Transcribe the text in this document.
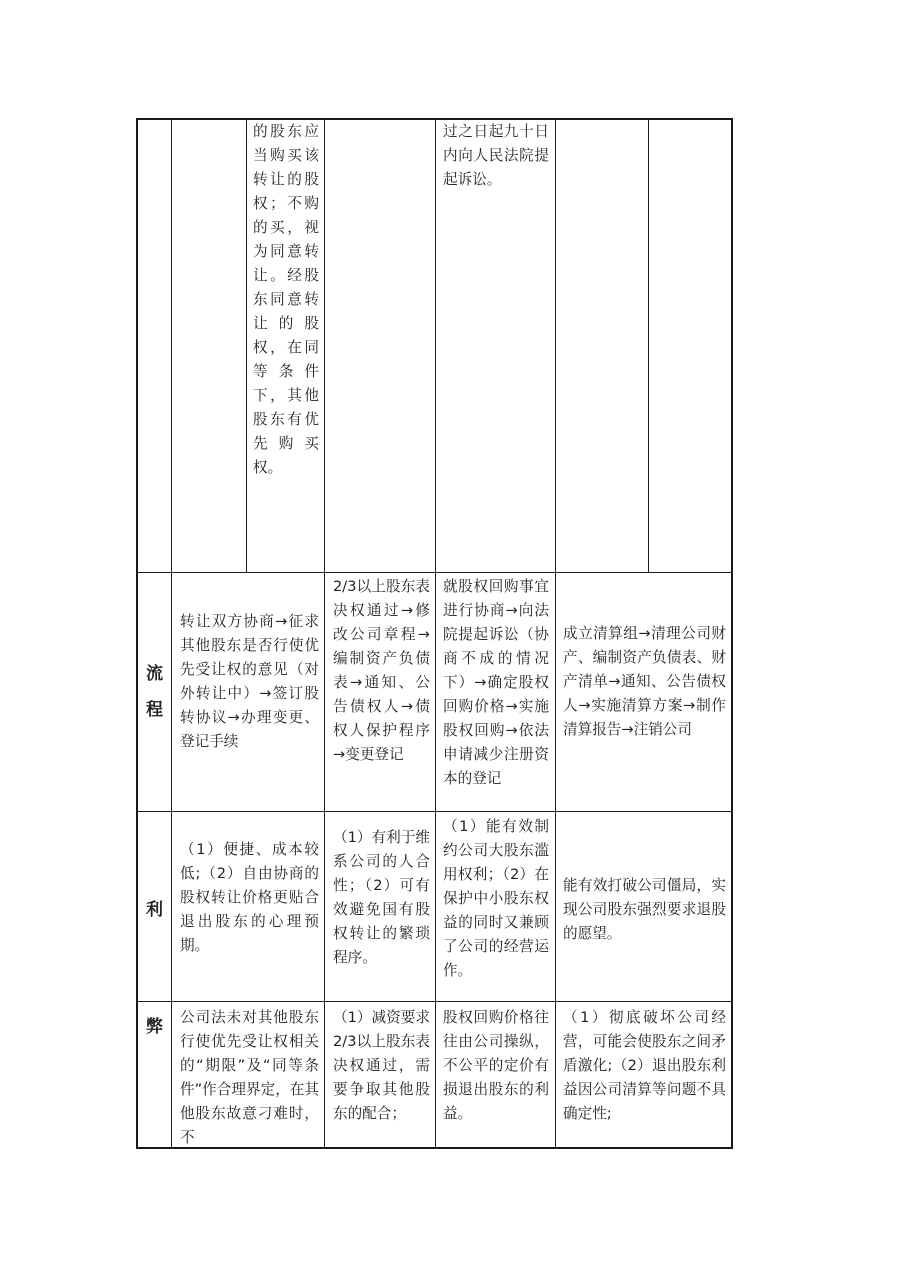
的股东应当购买该转让的股权；不购的买，视为同意转让。经股东同意转让的股权，在同等条件下，其他股东有优先购买权。
过之日起九十日内向人民法院提起诉讼。
流程
转让双方协商→征求其他股东是否行使优先受让权的意见（对外转让中）→签订股转协议→办理变更、登记手续
2/3以上股东表决权通过→修改公司章程→编制资产负债表→通知、公告债权人→债权人保护程序→变更登记
就股权回购事宜进行协商→向法院提起诉讼（协商不成的情况下）→确定股权回购价格→实施股权回购→依法申请减少注册资本的登记
成立清算组→清理公司财产、编制资产负债表、财产清单→通知、公告债权人→实施清算方案→制作清算报告→注销公司
利
（1）便捷、成本较低;（2）自由协商的股权转让价格更贴合退出股东的心理预期。
（1）有利于维系公司的人合性；（2）可有效避免国有股权转让的繁琐程序。
（1）能有效制约公司大股东滥用权利；（2）在保护中小股东权益的同时又兼顾了公司的经营运作。
能有效打破公司僵局，实现公司股东强烈要求退股的愿望。
弊	公司法未对其他股东行使优先受让权相关的“期限”及“同等条件”作合理界定，在其他股东故意刁难时，不
（1）减资要求2/3以上股东表决权通过，需要争取其他股东的配合；
股权回购价格往往由公司操纵，不公平的定价有损退出股东的利益。
（1）彻底破坏公司经营，可能会使股东之间矛盾激化;（2）退出股东利益因公司清算等问题不具确定性;
